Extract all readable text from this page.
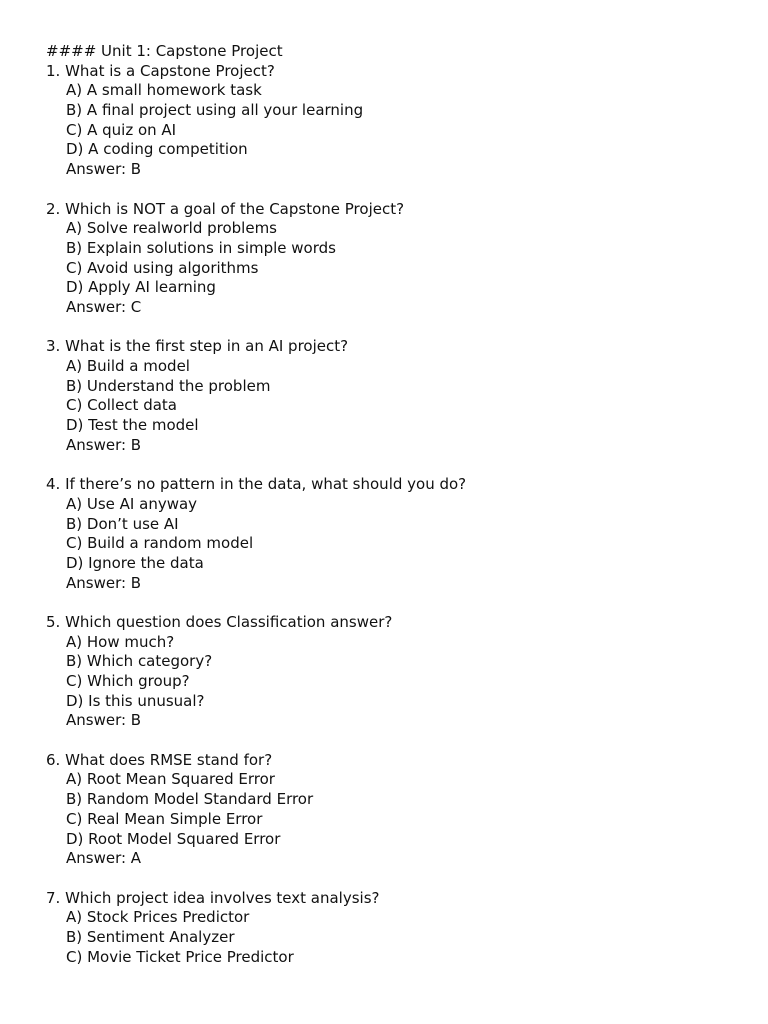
#### Unit 1: Capstone Project
1. What is a Capstone Project?
A) A small homework task
B) A final project using all your learning
C) A quiz on AI
D) A coding competition
Answer: B
2. Which is NOT a goal of the Capstone Project?
A) Solve realworld problems
B) Explain solutions in simple words
C) Avoid using algorithms
D) Apply AI learning
Answer: C
3. What is the first step in an AI project?
A) Build a model
B) Understand the problem
C) Collect data
D) Test the model
Answer: B
4. If there’s no pattern in the data, what should you do?
A) Use AI anyway
B) Don’t use AI
C) Build a random model
D) Ignore the data
Answer: B
5. Which question does Classification answer?
A) How much?
B) Which category?
C) Which group?
D) Is this unusual?
Answer: B
6. What does RMSE stand for?
A) Root Mean Squared Error
B) Random Model Standard Error
C) Real Mean Simple Error
D) Root Model Squared Error
Answer: A
7. Which project idea involves text analysis?
A) Stock Prices Predictor
B) Sentiment Analyzer
C) Movie Ticket Price Predictor
